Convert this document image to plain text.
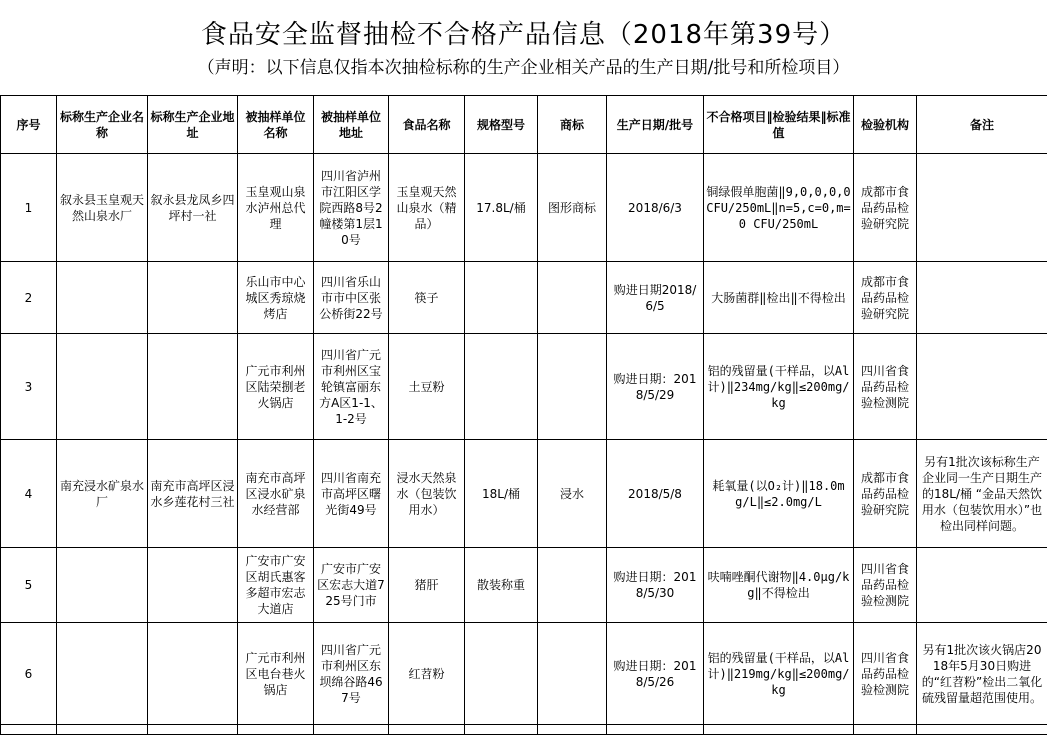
食品安全监督抽检不合格产品信息（2018年第39号）
（声明：以下信息仅指本次抽检标称的生产企业相关产品的生产日期/批号和所检项目）
序号	标称生产企业名称	标称生产企业地址	被抽样单位名称	被抽样单位地址	食品名称	规格型号	商标	生产日期/批号	不合格项目‖检验结果‖标准值	检验机构	备注
1	叙永县玉皇观天然山泉水厂	叙永县龙凤乡四坪村一社	玉皇观山泉水泸州总代理	四川省泸州市江阳区学院西路8号2幢楼第1层10号	玉皇观天然山泉水（精品）	17.8L/桶	图形商标	2018/6/3	铜绿假单胞菌‖9,0,0,0,0CFU/250mL‖n=5,c=0,m=0 CFU/250mL	成都市食品药品检验研究院	
2			乐山市中心城区秀琼烧烤店	四川省乐山市市中区张公桥街22号	筷子			购进日期2018/6/5	大肠菌群‖检出‖不得检出	成都市食品药品检验研究院	
3			广元市利州区陆荣捌老火锅店	四川省广元市利州区宝轮镇富丽东方A区1-1、1-2号	土豆粉			购进日期：2018/5/29	铝的残留量(干样品，以Al计)‖234mg/kg‖≤200mg/kg	四川省食品药品检验检测院	
4	南充浸水矿泉水厂	南充市高坪区浸水乡莲花村三社	南充市高坪区浸水矿泉水经营部	四川省南充市高坪区曙光街49号	浸水天然泉水（包装饮用水）	18L/桶	浸水	2018/5/8	耗氧量(以O₂计)‖18.0mg/L‖≤2.0mg/L	成都市食品药品检验研究院	另有1批次该标称生产企业同一生产日期生产的18L/桶 “金品天然饮用水（包装饮用水）”也检出同样问题。
5			广安市广安区胡氏惠客多超市宏志大道店	广安市广安区宏志大道725号门市	猪肝	散装称重		购进日期：2018/5/30	呋喃唑酮代谢物‖4.0μg/kg‖不得检出	四川省食品药品检验检测院	
6			广元市利州区电台巷火锅店	四川省广元市利州区东坝绵谷路467号	红苕粉			购进日期：2018/5/26	铝的残留量(干样品，以Al计)‖219mg/kg‖≤200mg/kg	四川省食品药品检验检测院	另有1批次该火锅店2018年5月30日购进的“红苕粉”检出二氧化硫残留量超范围使用。
